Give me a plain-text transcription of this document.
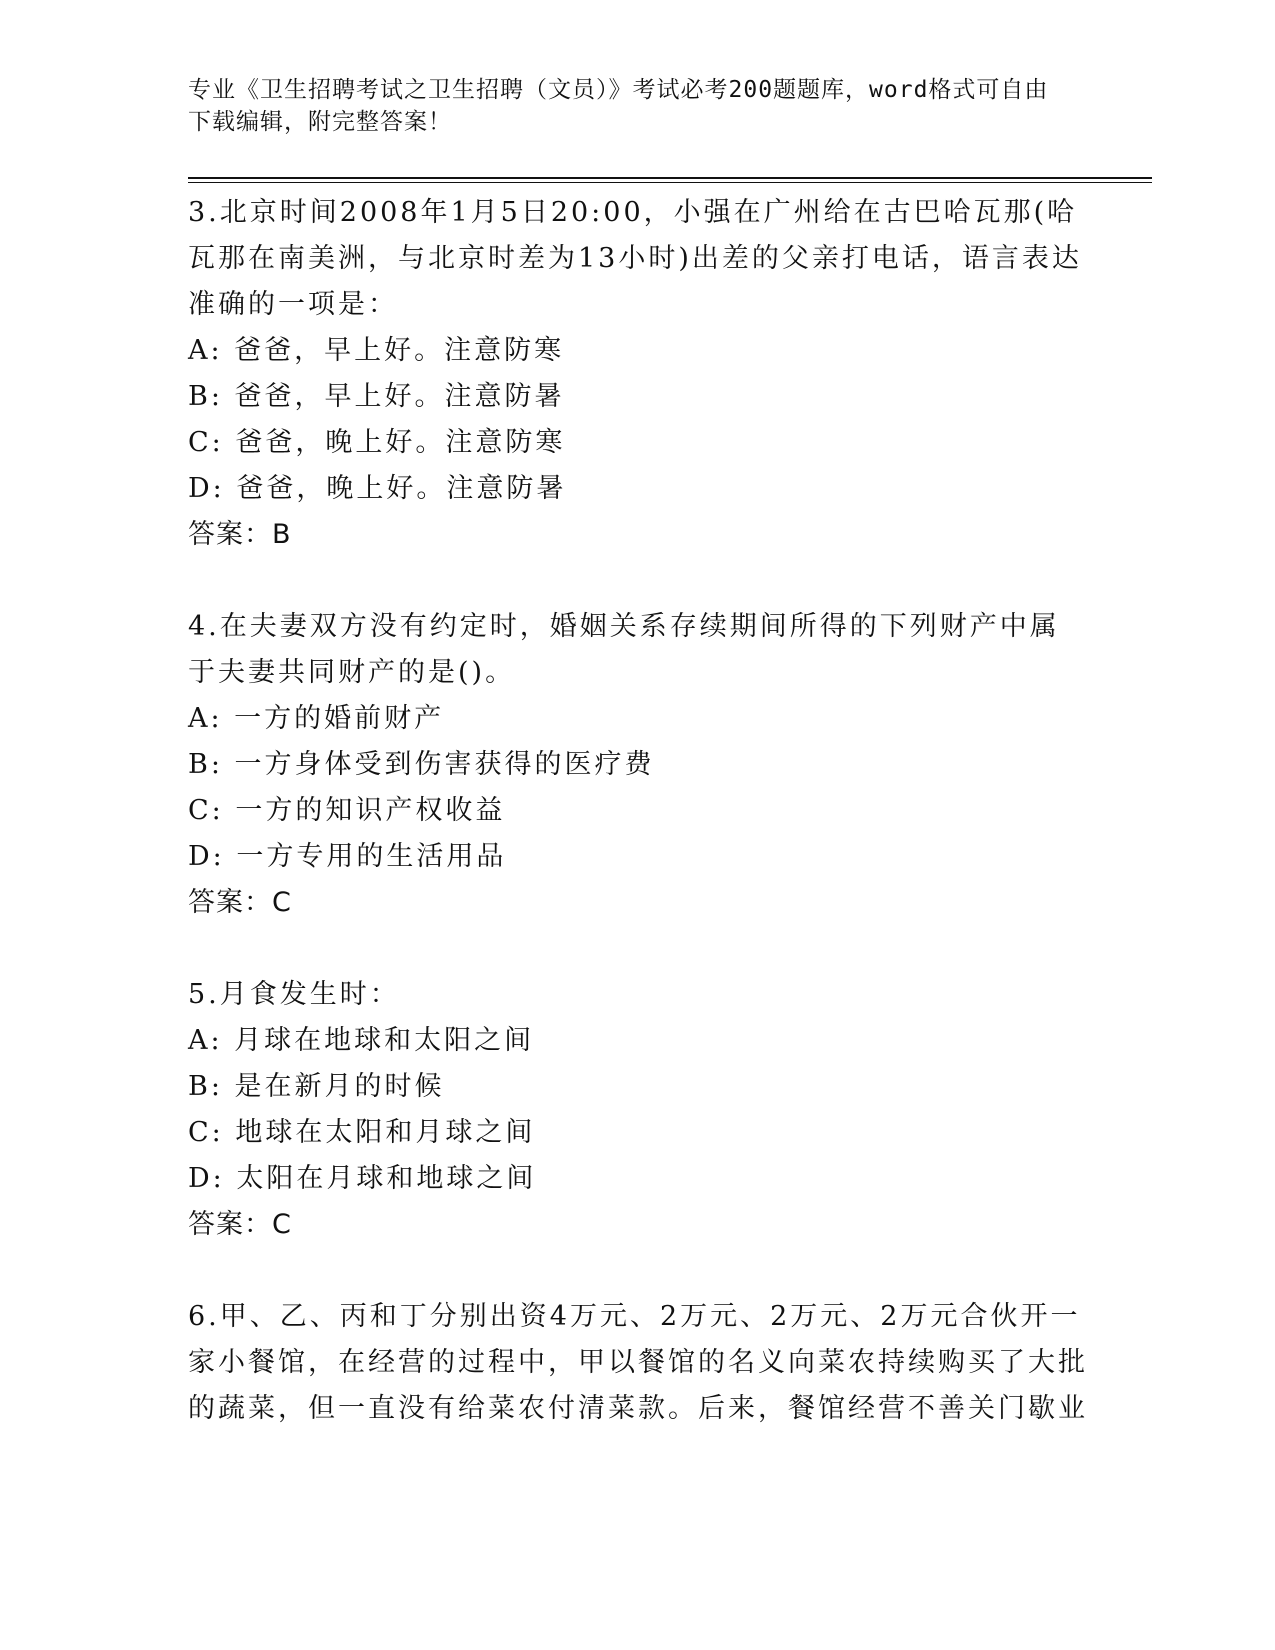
专业《卫生招聘考试之卫生招聘（文员）》考试必考200题题库，word格式可自由下载编辑，附完整答案！
3.北京时间2008年1月5日20:00，小强在广州给在古巴哈瓦那(哈瓦那在南美洲，与北京时差为13小时)出差的父亲打电话，语言表达准确的一项是：
A: 爸爸，早上好。注意防寒
B: 爸爸，早上好。注意防暑
C: 爸爸，晚上好。注意防寒
D: 爸爸，晚上好。注意防暑
答案：B
4.在夫妻双方没有约定时，婚姻关系存续期间所得的下列财产中属于夫妻共同财产的是()。
A: 一方的婚前财产
B: 一方身体受到伤害获得的医疗费
C: 一方的知识产权收益
D: 一方专用的生活用品
答案：C
5.月食发生时：
A: 月球在地球和太阳之间
B: 是在新月的时候
C: 地球在太阳和月球之间
D: 太阳在月球和地球之间
答案：C
6.甲、乙、丙和丁分别出资4万元、2万元、2万元、2万元合伙开一家小餐馆，在经营的过程中，甲以餐馆的名义向菜农持续购买了大批的蔬菜，但一直没有给菜农付清菜款。后来，餐馆经营不善关门歇业
